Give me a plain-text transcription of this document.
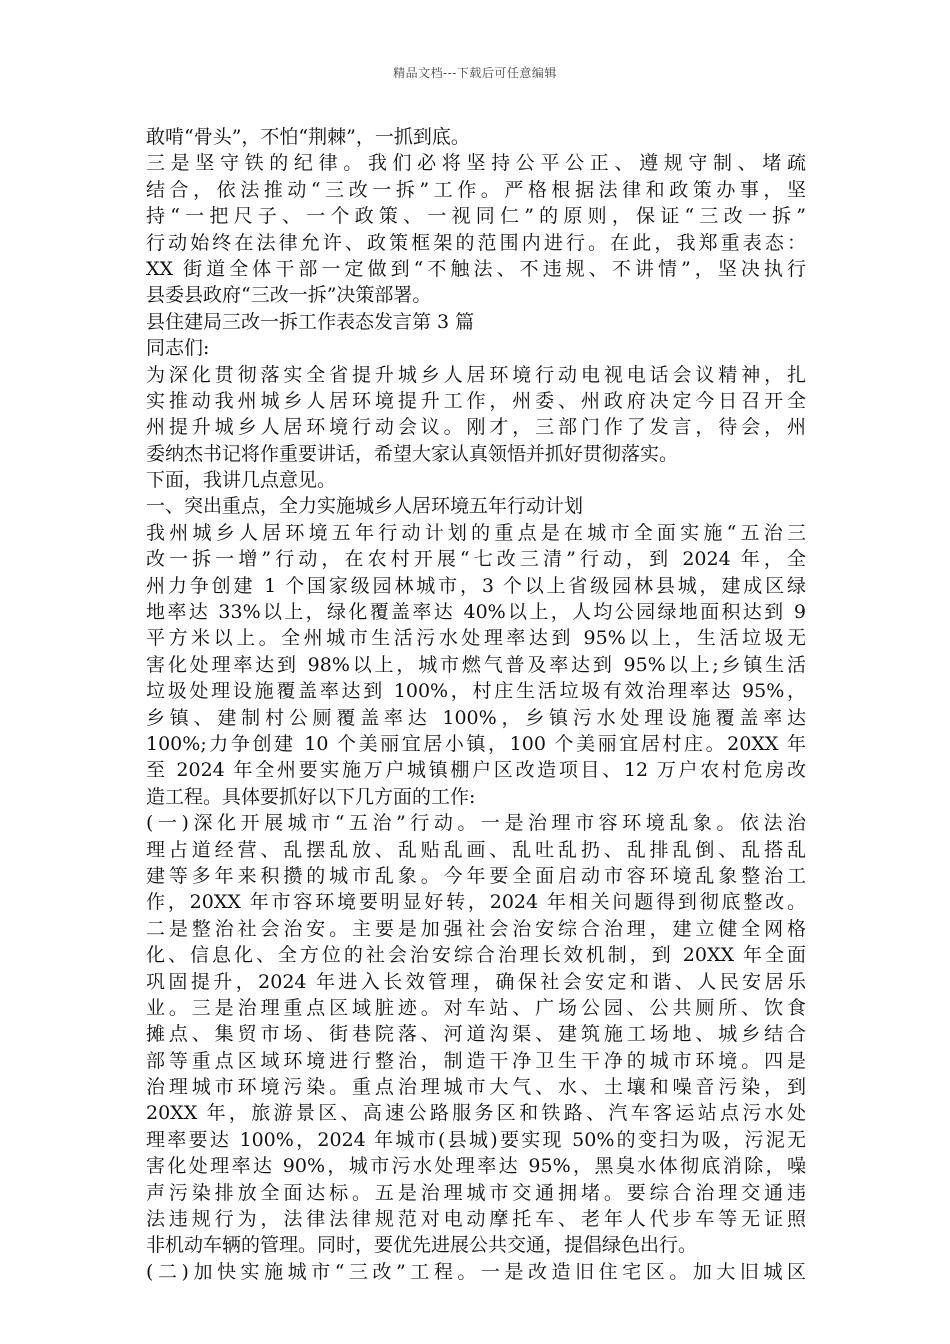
精品文档---下载后可任意编辑
敢啃“骨头”，不怕“荆棘”，一抓到底。
三是坚守铁的纪律。我们必将坚持公平公正、遵规守制、堵疏
结合，依法推动“三改一拆”工作。严格根据法律和政策办事，坚
持“一把尺子、一个政策、一视同仁”的原则，保证“三改一拆”
行动始终在法律允许、政策框架的范围内进行。在此，我郑重表态：
XX 街道全体干部一定做到“不触法、不违规、不讲情”，坚决执行
县委县政府“三改一拆”决策部署。
县住建局三改一拆工作表态发言第 3 篇
同志们:
为深化贯彻落实全省提升城乡人居环境行动电视电话会议精神，扎
实推动我州城乡人居环境提升工作，州委、州政府决定今日召开全
州提升城乡人居环境行动会议。刚才，三部门作了发言，待会，州
委纳杰书记将作重要讲话，希望大家认真领悟并抓好贯彻落实。
下面，我讲几点意见。
一、突出重点，全力实施城乡人居环境五年行动计划
我州城乡人居环境五年行动计划的重点是在城市全面实施“五治三
改一拆一增”行动，在农村开展“七改三清”行动，到 2024 年，全
州力争创建 1 个国家级园林城市，3 个以上省级园林县城，建成区绿
地率达 33%以上，绿化覆盖率达 40%以上，人均公园绿地面积达到 9
平方米以上。全州城市生活污水处理率达到 95%以上，生活垃圾无
害化处理率达到 98%以上，城市燃气普及率达到 95%以上;乡镇生活
垃圾处理设施覆盖率达到 100%，村庄生活垃圾有效治理率达 95%，
乡镇、建制村公厕覆盖率达 100%，乡镇污水处理设施覆盖率达
100%;力争创建 10 个美丽宜居小镇，100 个美丽宜居村庄。20XX 年
至 2024 年全州要实施万户城镇棚户区改造项目、12 万户农村危房改
造工程。具体要抓好以下几方面的工作:
(一)深化开展城市“五治”行动。一是治理市容环境乱象。依法治
理占道经营、乱摆乱放、乱贴乱画、乱吐乱扔、乱排乱倒、乱搭乱
建等多年来积攒的城市乱象。今年要全面启动市容环境乱象整治工
作，20XX 年市容环境要明显好转，2024 年相关问题得到彻底整改。
二是整治社会治安。主要是加强社会治安综合治理，建立健全网格
化、信息化、全方位的社会治安综合治理长效机制，到 20XX 年全面
巩固提升，2024 年进入长效管理，确保社会安定和谐、人民安居乐
业。三是治理重点区域脏迹。对车站、广场公园、公共厕所、饮食
摊点、集贸市场、街巷院落、河道沟渠、建筑施工场地、城乡结合
部等重点区域环境进行整治，制造干净卫生干净的城市环境。四是
治理城市环境污染。重点治理城市大气、水、土壤和噪音污染，到
20XX 年，旅游景区、高速公路服务区和铁路、汽车客运站点污水处
理率要达 100%，2024 年城市(县城)要实现 50%的变扫为吸，污泥无
害化处理率达 90%，城市污水处理率达 95%，黑臭水体彻底消除，噪
声污染排放全面达标。五是治理城市交通拥堵。要综合治理交通违
法违规行为，法律法律规范对电动摩托车、老年人代步车等无证照
非机动车辆的管理。同时，要优先进展公共交通，提倡绿色出行。
(二)加快实施城市“三改”工程。一是改造旧住宅区。加大旧城区
